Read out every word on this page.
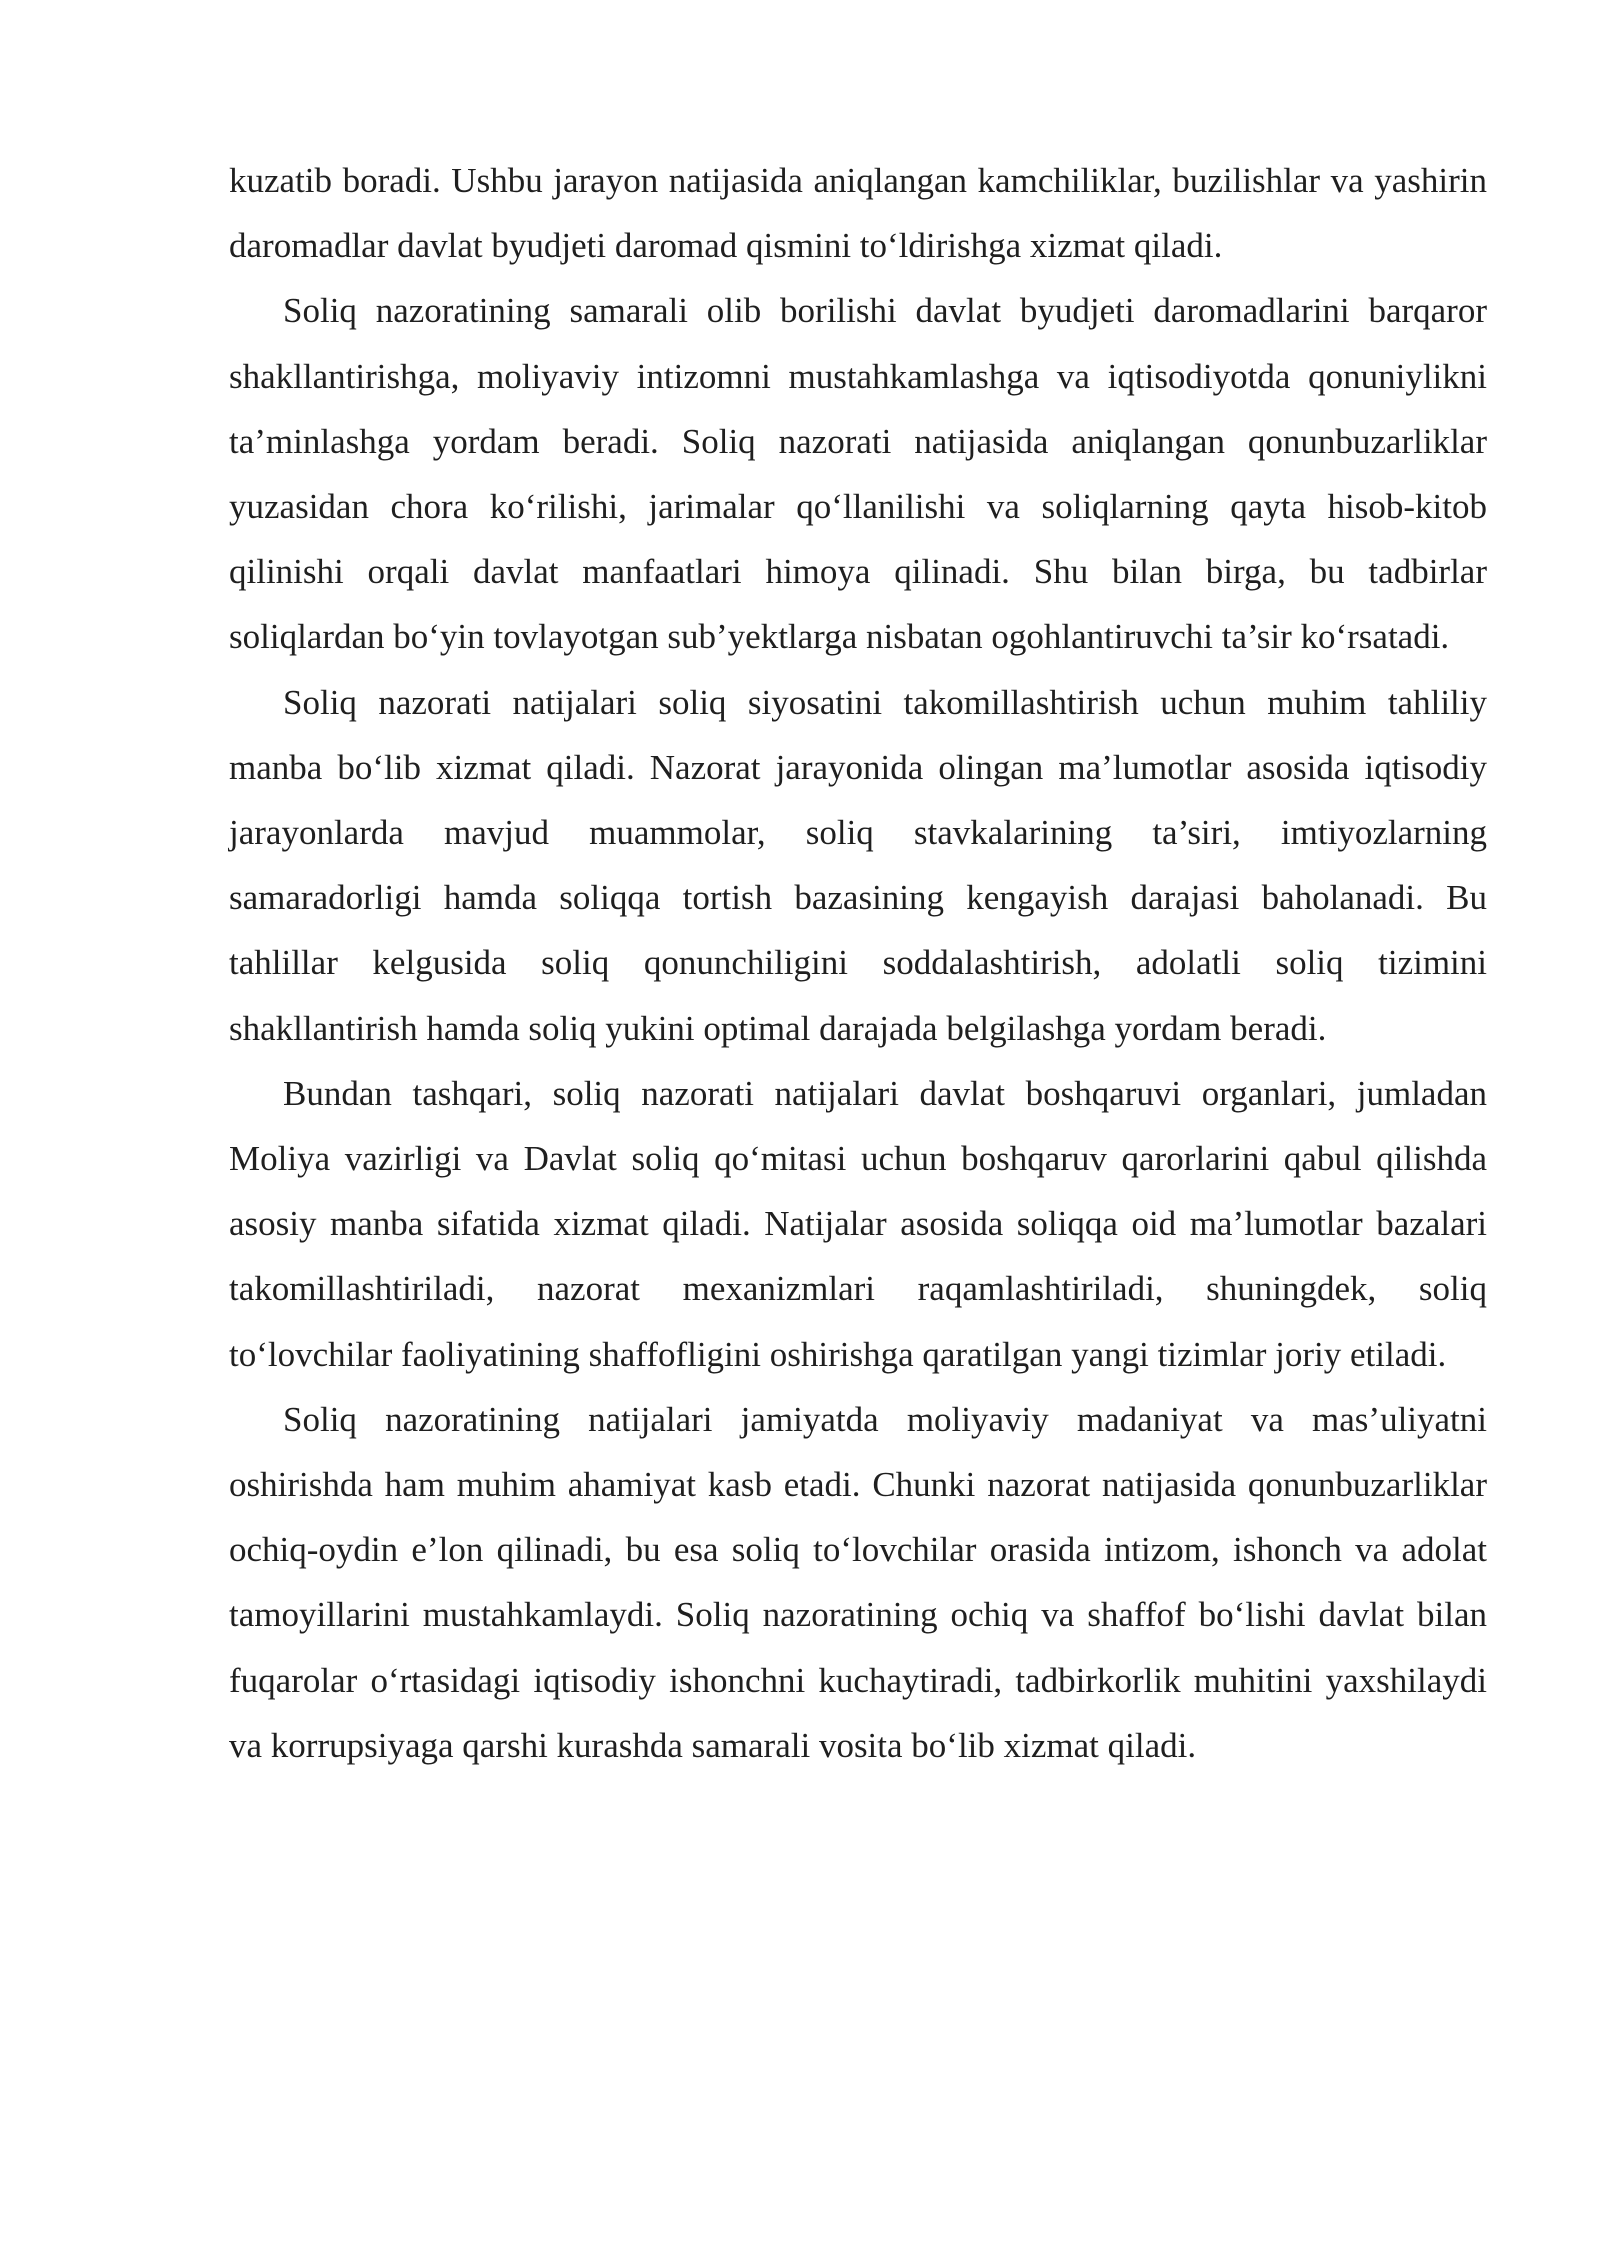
kuzatib boradi. Ushbu jarayon natijasida aniqlangan kamchiliklar, buzilishlar va yashirin daromadlar davlat byudjeti daromad qismini to‘ldirishga xizmat qiladi.

Soliq nazoratining samarali olib borilishi davlat byudjeti daromadlarini barqaror shakllantirishga, moliyaviy intizomni mustahkamlashga va iqtisodiyotda qonuniylikni ta’minlashga yordam beradi. Soliq nazorati natijasida aniqlangan qonunbuzarliklar yuzasidan chora ko‘rilishi, jarimalar qo‘llanilishi va soliqlarning qayta hisob-kitob qilinishi orqali davlat manfaatlari himoya qilinadi. Shu bilan birga, bu tadbirlar soliqlardan bo‘yin tovlayotgan sub’yektlarga nisbatan ogohlantiruvchi ta’sir ko‘rsatadi.

Soliq nazorati natijalari soliq siyosatini takomillashtirish uchun muhim tahliliy manba bo‘lib xizmat qiladi. Nazorat jarayonida olingan ma’lumotlar asosida iqtisodiy jarayonlarda mavjud muammolar, soliq stavkalarining ta’siri, imtiyozlarning samaradorligi hamda soliqqa tortish bazasining kengayish darajasi baholanadi. Bu tahlillar kelgusida soliq qonunchiligini soddalashtirish, adolatli soliq tizimini shakllantirish hamda soliq yukini optimal darajada belgilashga yordam beradi.

Bundan tashqari, soliq nazorati natijalari davlat boshqaruvi organlari, jumladan Moliya vazirligi va Davlat soliq qo‘mitasi uchun boshqaruv qarorlarini qabul qilishda asosiy manba sifatida xizmat qiladi. Natijalar asosida soliqqa oid ma’lumotlar bazalari takomillashtiriladi, nazorat mexanizmlari raqamlashtiriladi, shuningdek, soliq to‘lovchilar faoliyatining shaffofligini oshirishga qaratilgan yangi tizimlar joriy etiladi.

Soliq nazoratining natijalari jamiyatda moliyaviy madaniyat va mas’uliyatni oshirishda ham muhim ahamiyat kasb etadi. Chunki nazorat natijasida qonunbuzarliklar ochiq-oydin e’lon qilinadi, bu esa soliq to‘lovchilar orasida intizom, ishonch va adolat tamoyillarini mustahkamlaydi. Soliq nazoratining ochiq va shaffof bo‘lishi davlat bilan fuqarolar o‘rtasidagi iqtisodiy ishonchni kuchaytiradi, tadbirkorlik muhitini yaxshilaydi va korrupsiyaga qarshi kurashda samarali vosita bo‘lib xizmat qiladi.
